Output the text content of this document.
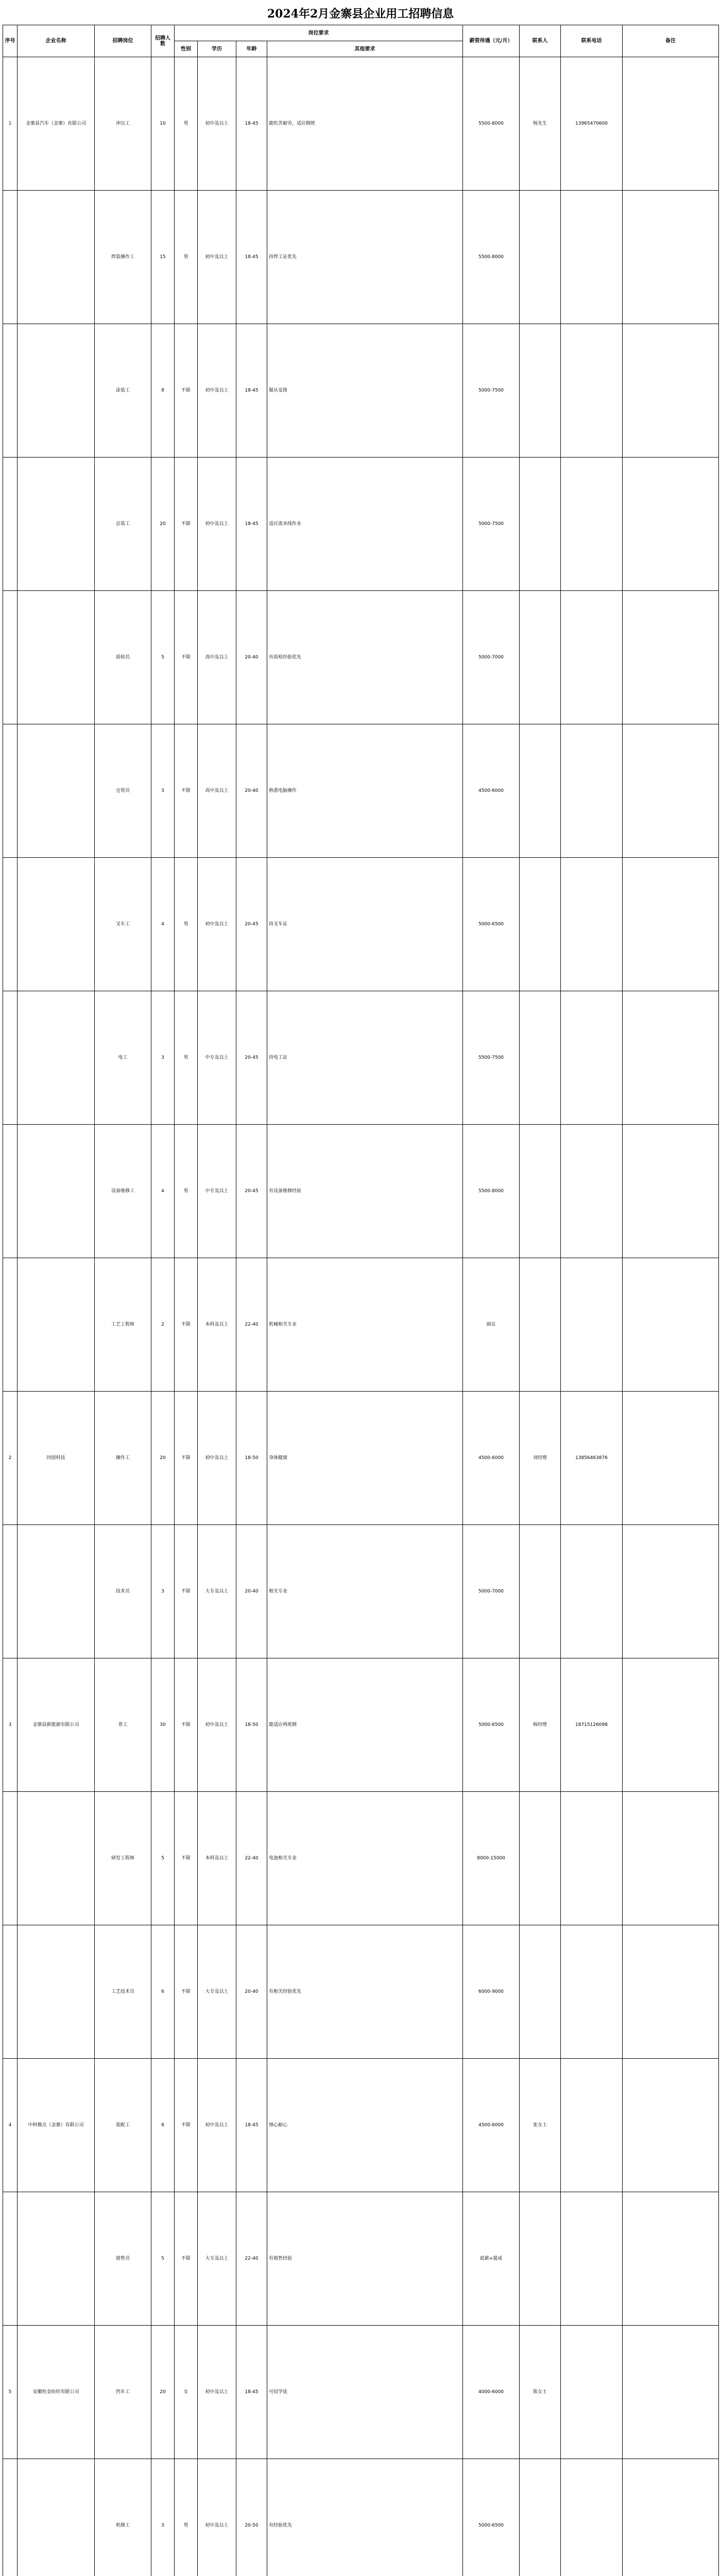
2024年2月金寨县企业用工招聘信息
序号	企业名称	招聘岗位	招聘人数	岗位要求				薪资待遇（元/月）	联系人	联系电话	备注
				性别	学历	年龄	其他要求				
1	金寨县汽车（金寨）有限公司	冲压工	10	男	初中及以上	18-45	能吃苦耐劳，适应倒班	5500-8000	杨先生	13965470600	
		焊装操作工	15	男	初中及以上	18-45	持焊工证优先	5500-8000			
		涂装工	8	不限	初中及以上	18-45	服从安排	5000-7500			
		总装工	20	不限	初中及以上	18-45	适应流水线作业	5000-7500			
		质检员	5	不限	高中及以上	20-40	有质检经验优先	5000-7000			
		仓管员	3	不限	高中及以上	20-40	熟悉电脑操作	4500-6000			
		叉车工	4	男	初中及以上	20-45	持叉车证	5000-6500			
		电工	3	男	中专及以上	20-45	持电工证	5500-7500			
		设备维修工	4	男	中专及以上	20-45	有设备维修经验	5500-8000			
		工艺工程师	2	不限	本科及以上	22-40	机械相关专业	面议			
2	同创科技	操作工	20	不限	初中及以上	18-50	身体健康	4500-6000	刘经理	13856463876	
		技术员	3	不限	大专及以上	20-40	相关专业	5000-7000			
3	金寨县新能源有限公司	普工	30	不限	初中及以上	18-50	能适应两班倒	5000-6500	杨经理	18715126098	
		研发工程师	5	不限	本科及以上	22-40	电池相关专业	8000-15000			
		工艺技术员	6	不限	大专及以上	20-40	有相关经验优先	6000-9000			
4	中科微点（金寨）有限公司	装配工	8	不限	初中及以上	18-45	细心耐心	4500-6000	张女士		
		销售员	5	不限	大专及以上	22-40	有销售经验	底薪+提成			
5	安徽恒金纺织有限公司	挡车工	20	女	初中及以上	18-45	可招学徒	4000-6000	陈女士		
		机修工	3	男	初中及以上	20-50	有经验优先	5000-6500			
